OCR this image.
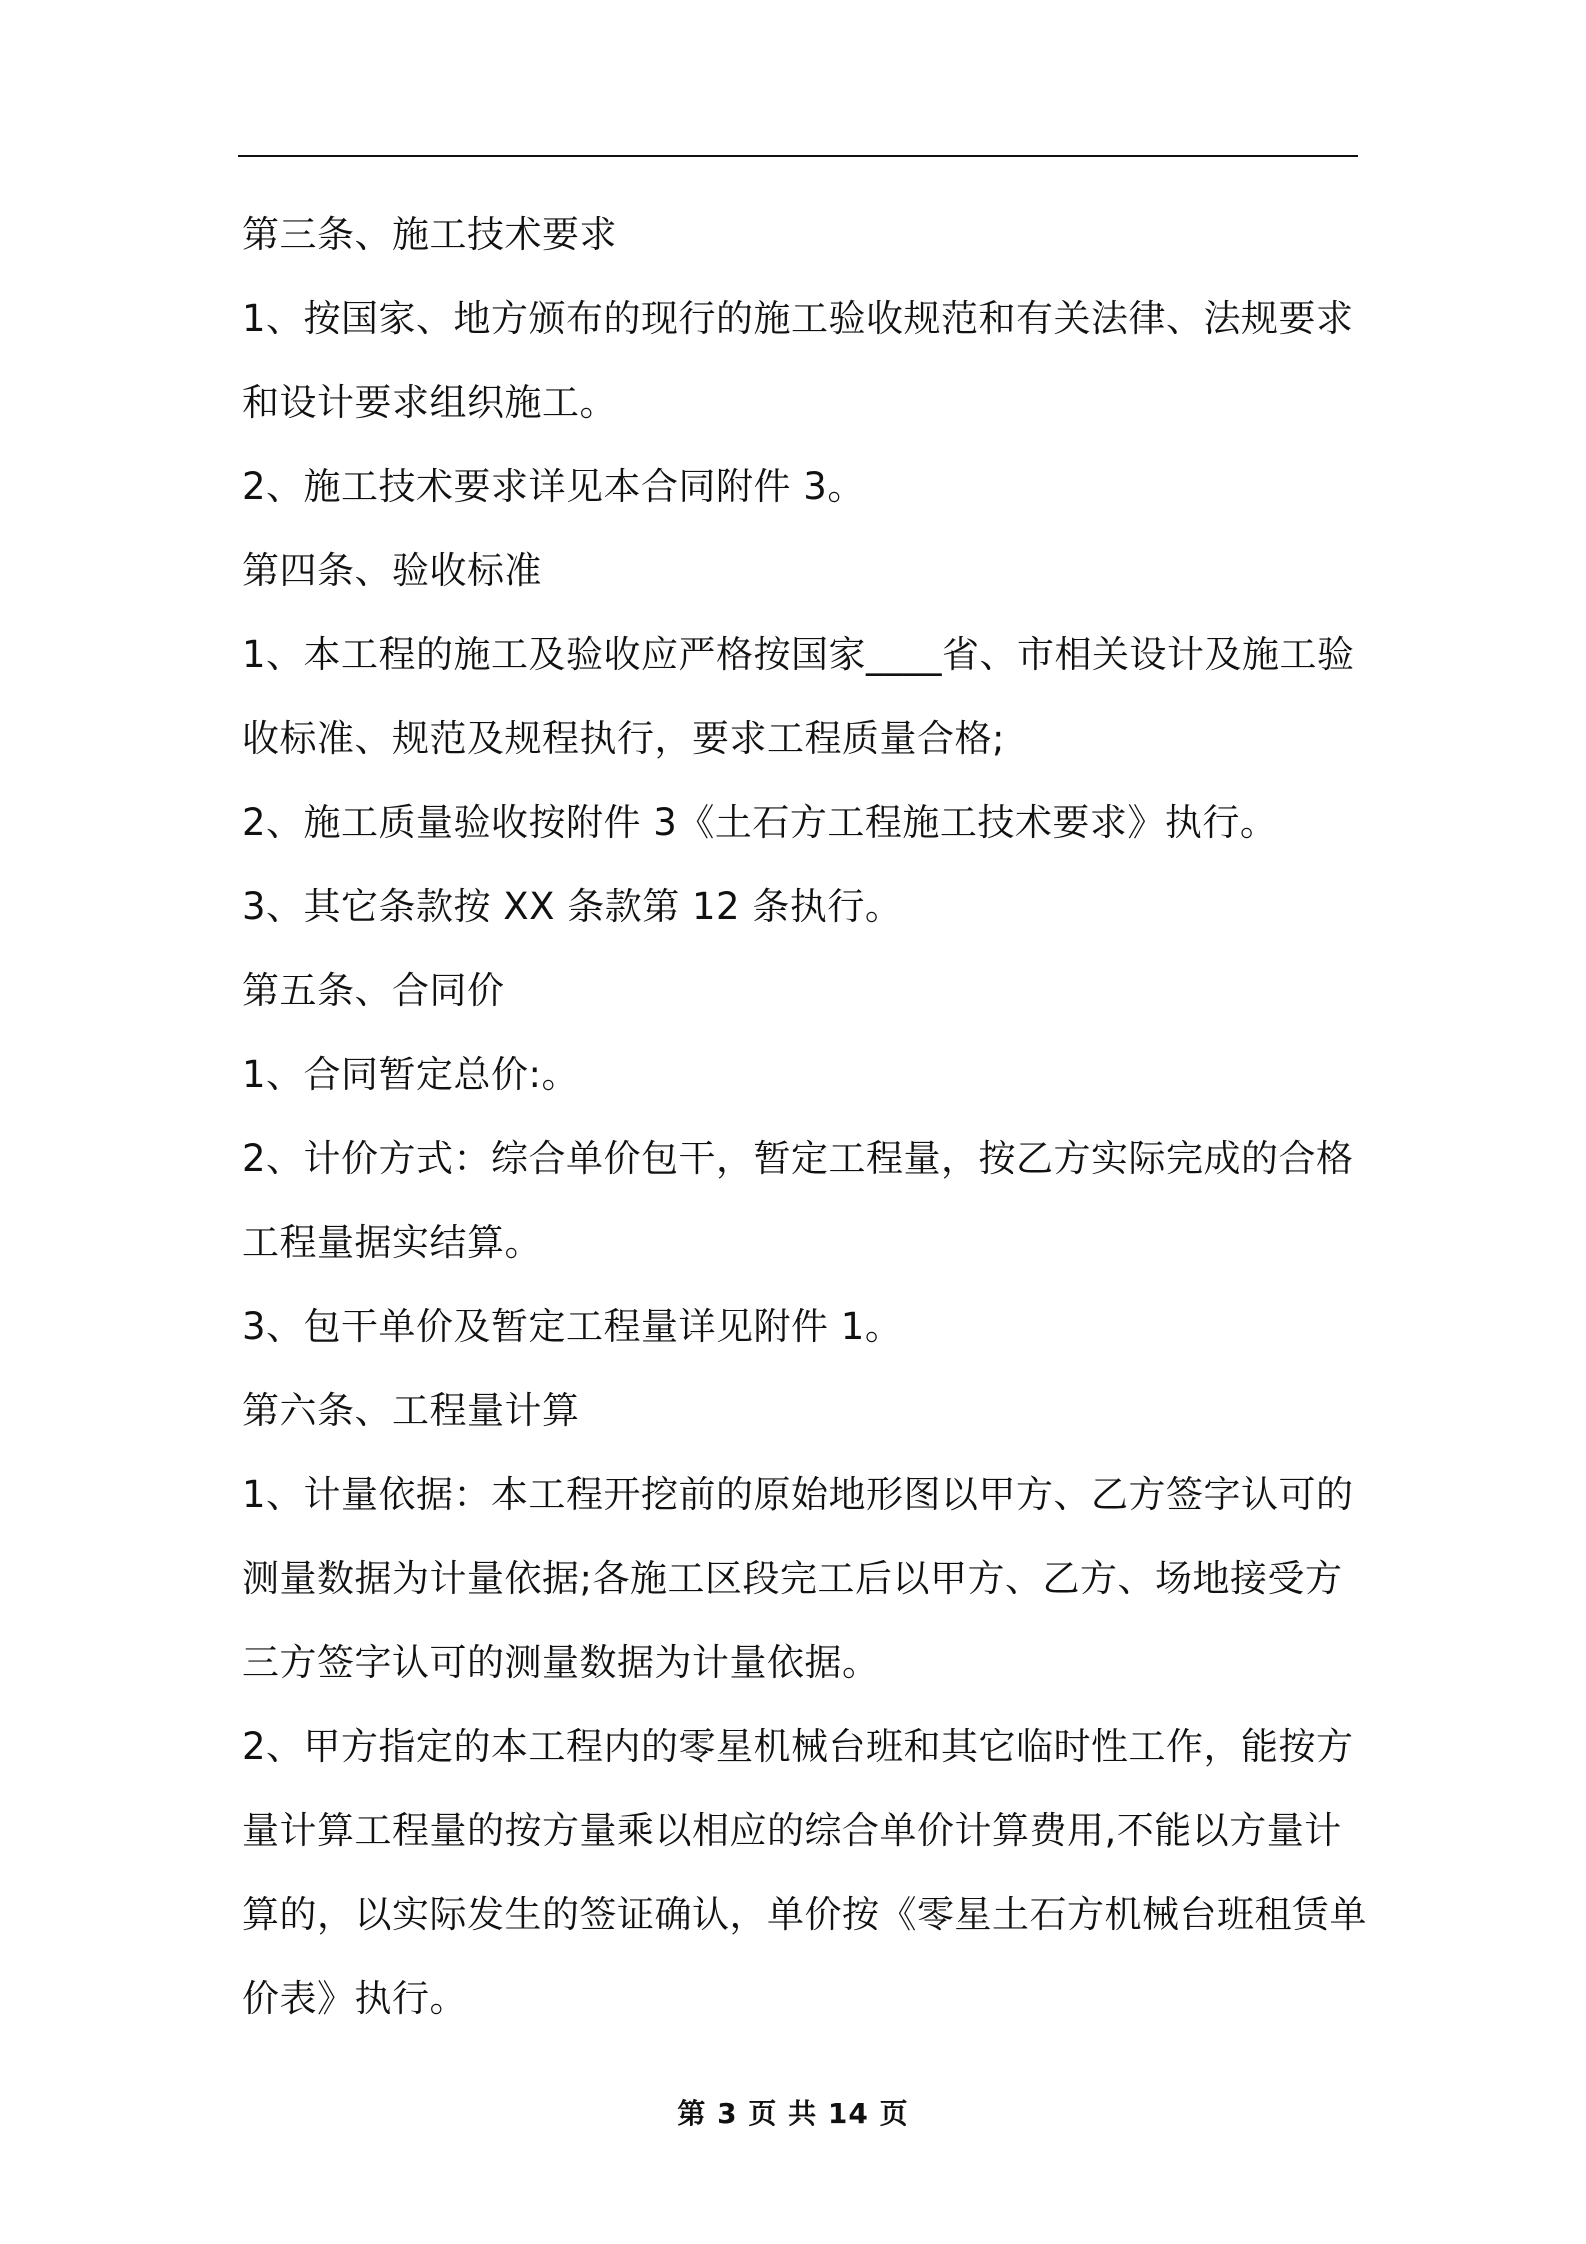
第三条、施工技术要求
1、按国家、地方颁布的现行的施工验收规范和有关法律、法规要求
和设计要求组织施工。
2、施工技术要求详见本合同附件 3。
第四条、验收标准
1、本工程的施工及验收应严格按国家____省、市相关设计及施工验
收标准、规范及规程执行，要求工程质量合格;
2、施工质量验收按附件 3《土石方工程施工技术要求》执行。
3、其它条款按 XX 条款第 12 条执行。
第五条、合同价
1、合同暂定总价:。
2、计价方式：综合单价包干，暂定工程量，按乙方实际完成的合格
工程量据实结算。
3、包干单价及暂定工程量详见附件 1。
第六条、工程量计算
1、计量依据：本工程开挖前的原始地形图以甲方、乙方签字认可的
测量数据为计量依据;各施工区段完工后以甲方、乙方、场地接受方
三方签字认可的测量数据为计量依据。
2、甲方指定的本工程内的零星机械台班和其它临时性工作，能按方
量计算工程量的按方量乘以相应的综合单价计算费用,不能以方量计
算的，以实际发生的签证确认，单价按《零星土石方机械台班租赁单
价表》执行。
第 3 页 共 14 页
